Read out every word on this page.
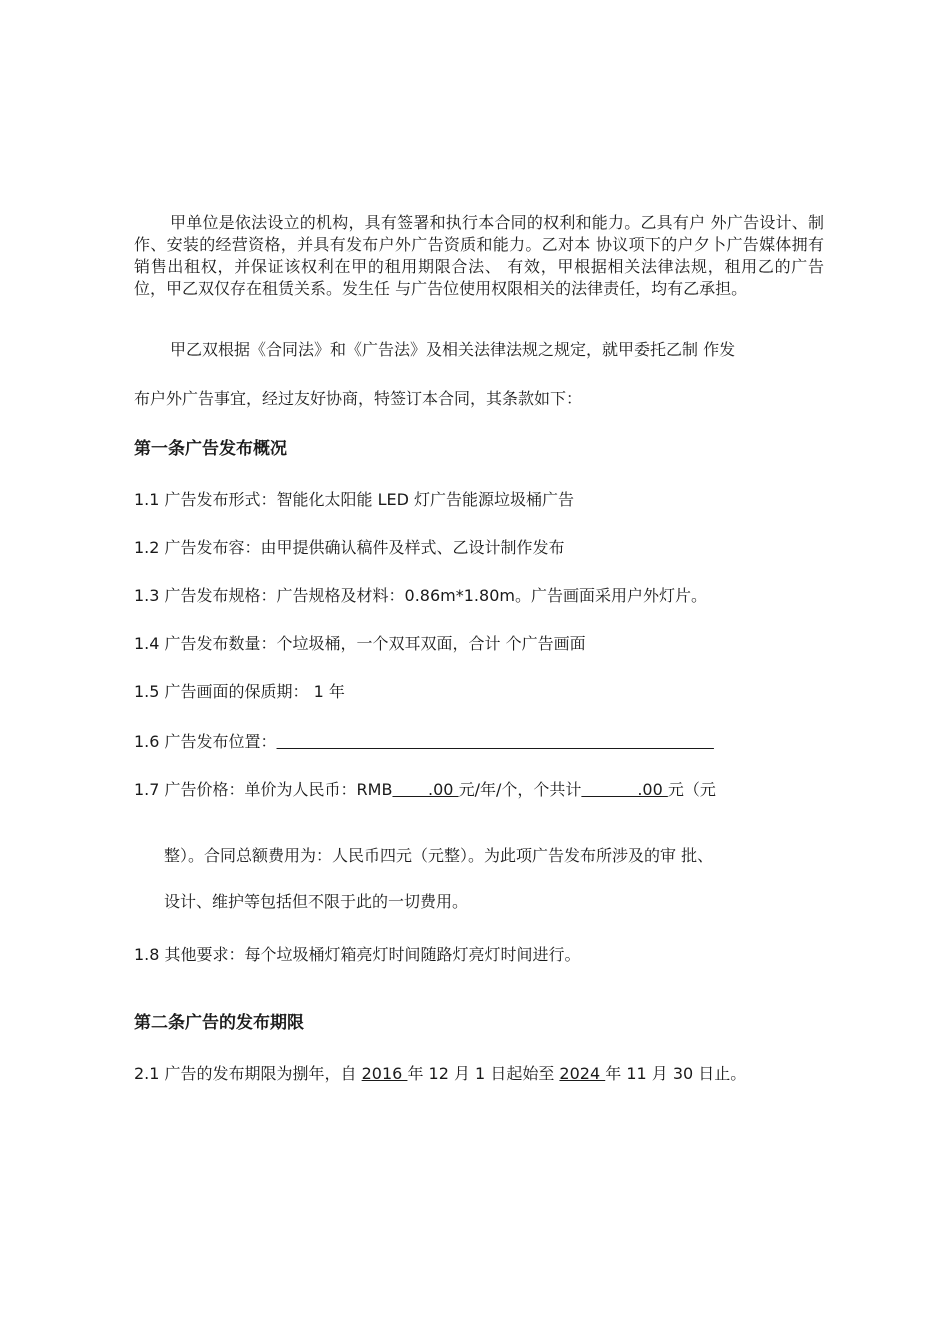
甲单位是依法设立的机构，具有签署和执行本合同的权利和能力。乙具有户 外广告设计、制作、安装的经营资格，并具有发布户外广告资质和能力。乙对本 协议项下的户夕卜广告媒体拥有销售出租权，并保证该权利在甲的租用期限合法、 有效，甲根据相关法律法规，租用乙的广告位，甲乙双仅存在租赁关系。发生任 与广告位使用权限相关的法律责任，均有乙承担。
甲乙双根据《合同法》和《广告法》及相关法律法规之规定，就甲委托乙制 作发
布户外广告事宜，经过友好协商，特签订本合同，其条款如下：
第一条广告发布概况
1.1 广告发布形式：智能化太阳能 LED 灯广告能源垃圾桶广告
1.2 广告发布容：由甲提供确认稿件及样式、乙设计制作发布
1.3 广告发布规格：广告规格及材料：0.86m*1.80m。广告画面采用户外灯片。
1.4 广告发布数量：个垃圾桶，一个双耳双面，合计 个广告画面
1.5 广告画面的保质期： 1 年
1.6 广告发布位置：
1.7 广告价格：单价为人民币：RMB       .00 元/年/个，个共计           .00 元（元
整）。合同总额费用为：人民币四元（元整）。为此项广告发布所涉及的审 批、
设计、维护等包括但不限于此的一切费用。
1.8 其他要求：每个垃圾桶灯箱亮灯时间随路灯亮灯时间进行。
第二条广告的发布期限
2.1 广告的发布期限为捌年，自 2016 年 12 月 1 日起始至 2024 年 11 月 30 日止。
